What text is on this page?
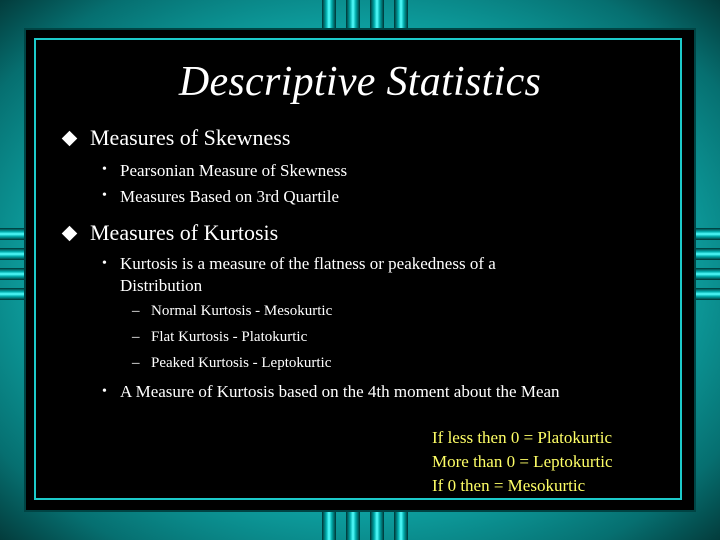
Descriptive Statistics
Measures of Skewness
• Pearsonian Measure of Skewness
• Measures Based on 3rd Quartile
Measures of Kurtosis
• Kurtosis is a measure of the flatness or peakedness of a
Distribution
– Normal Kurtosis - Mesokurtic
– Flat Kurtosis - Platokurtic
– Peaked Kurtosis - Leptokurtic
• A Measure of Kurtosis based on the 4th moment about the Mean
If less then 0 = Platokurtic
More than 0 = Leptokurtic
If 0 then = Mesokurtic
